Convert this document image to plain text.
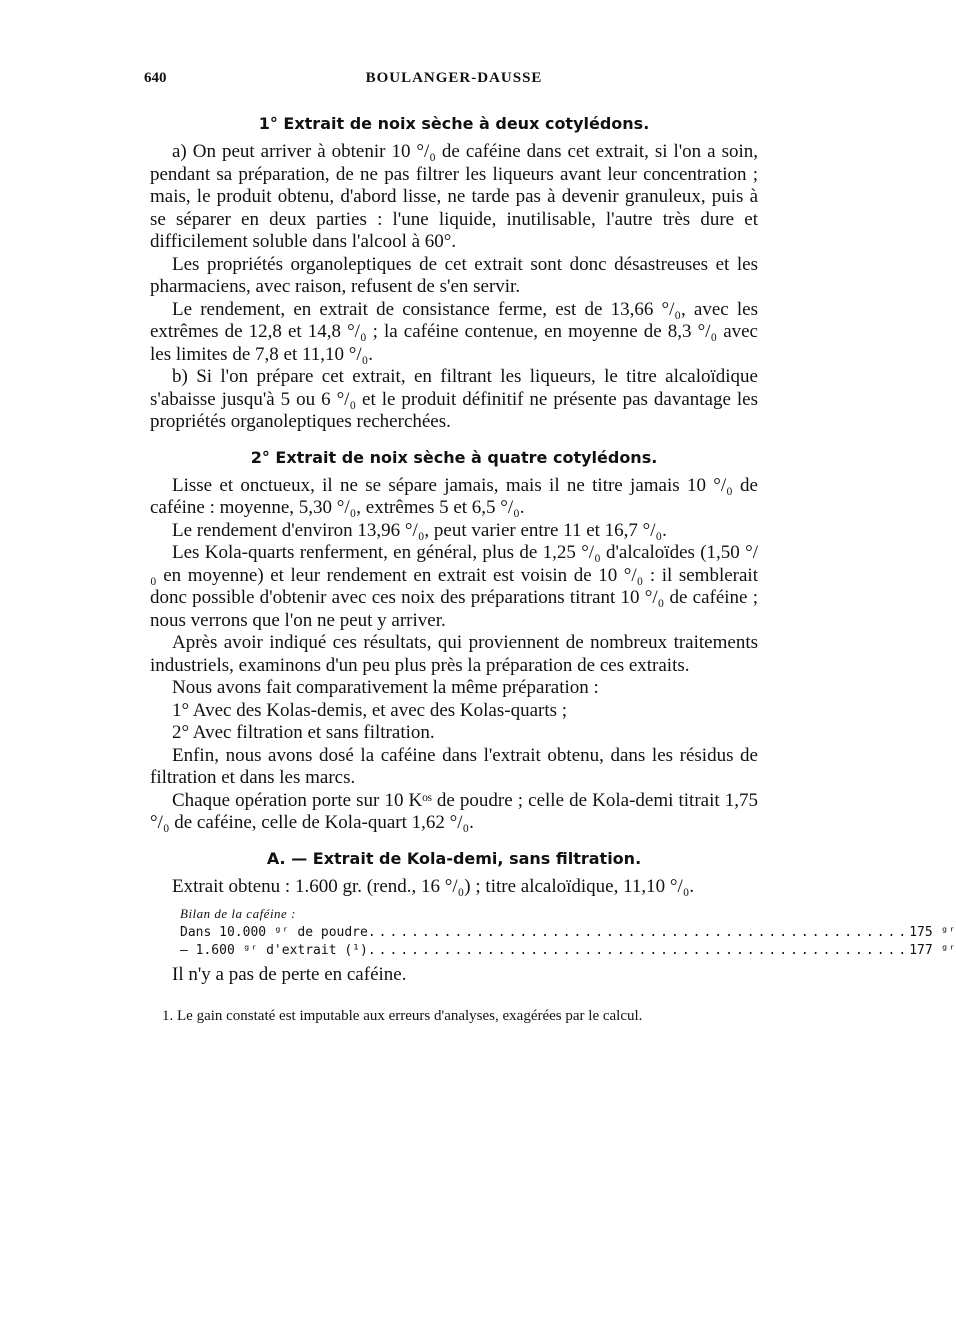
640	BOULANGER-DAUSSE
1° Extrait de noix sèche à deux cotylédons.

a) On peut arriver à obtenir 10 °/₀ de caféine dans cet extrait, si l'on a soin, pendant sa préparation, de ne pas filtrer les liqueurs avant leur concentration ; mais, le produit obtenu, d'abord lisse, ne tarde pas à devenir granuleux, puis à se séparer en deux parties : l'une liquide, inutilisable, l'autre très dure et difficilement soluble dans l'alcool à 60°.

Les propriétés organoleptiques de cet extrait sont donc désastreuses et les pharmaciens, avec raison, refusent de s'en servir.

Le rendement, en extrait de consistance ferme, est de 13,66 °/₀, avec les extrêmes de 12,8 et 14,8 °/₀ ; la caféine contenue, en moyenne de 8,3 °/₀ avec les limites de 7,8 et 11,10 °/₀.

b) Si l'on prépare cet extrait, en filtrant les liqueurs, le titre alcaloïdique s'abaisse jusqu'à 5 ou 6 °/₀ et le produit définitif ne présente pas davantage les propriétés organoleptiques recherchées.

2° Extrait de noix sèche à quatre cotylédons.

Lisse et onctueux, il ne se sépare jamais, mais il ne titre jamais 10 °/₀ de caféine : moyenne, 5,30 °/₀, extrêmes 5 et 6,5 °/₀.

Le rendement d'environ 13,96 °/₀, peut varier entre 11 et 16,7 °/₀.

Les Kola-quarts renferment, en général, plus de 1,25 °/₀ d'alcaloïdes (1,50 °/₀ en moyenne) et leur rendement en extrait est voisin de 10 °/₀ : il semblerait donc possible d'obtenir avec ces noix des préparations titrant 10 °/₀ de caféine ; nous verrons que l'on ne peut y arriver.

Après avoir indiqué ces résultats, qui proviennent de nombreux traitements industriels, examinons d'un peu plus près la préparation de ces extraits.

Nous avons fait comparativement la même préparation :

1° Avec des Kolas-demis, et avec des Kolas-quarts ;

2° Avec filtration et sans filtration.

Enfin, nous avons dosé la caféine dans l'extrait obtenu, dans les résidus de filtration et dans les marcs.

Chaque opération porte sur 10 Kᵒˢ de poudre ; celle de Kola-demi titrait 1,75 °/₀ de caféine, celle de Kola-quart 1,62 °/₀.

A. — Extrait de Kola-demi, sans filtration.

Extrait obtenu : 1.600 gr. (rend., 16 °/₀) ; titre alcaloïdique, 11,10 °/₀.

Bilan de la caféine :
Dans 10.000 ᵍʳ de poudre .................................................. 175 ᵍʳ
— 1.600 ᵍʳ d'extrait (¹) .................................................. 177 ᵍʳ

Il n'y a pas de perte en caféine.

1. Le gain constaté est imputable aux erreurs d'analyses, exagérées par le calcul.
